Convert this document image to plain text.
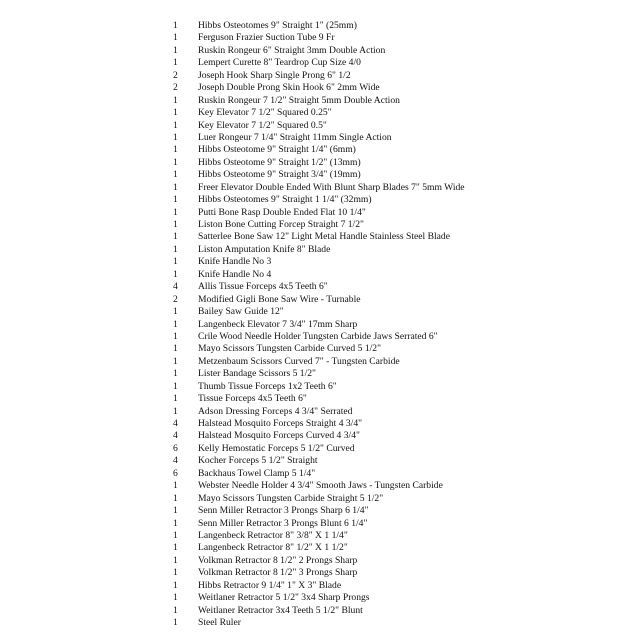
1	Hibbs Osteotomes 9" Straight 1" (25mm)
1	Ferguson Frazier Suction Tube 9 Fr
1	Ruskin Rongeur 6" Straight 3mm Double Action
1	Lempert Curette 8" Teardrop Cup Size 4/0
2	Joseph Hook Sharp Single Prong 6" 1/2
2	Joseph Double Prong Skin Hook 6" 2mm Wide
1	Ruskin Rongeur 7 1/2" Straight 5mm Double Action
1	Key Elevator 7 1/2" Squared 0.25"
1	Key Elevator 7 1/2" Squared 0.5"
1	Luer Rongeur 7 1/4" Straight 11mm Single Action
1	Hibbs Osteotome 9" Straight 1/4" (6mm)
1	Hibbs Osteotome 9" Straight 1/2" (13mm)
1	Hibbs Osteotome 9" Straight 3/4" (19mm)
1	Freer Elevator Double Ended With Blunt Sharp Blades 7" 5mm Wide
1	Hibbs Osteotomes 9" Straight 1 1/4" (32mm)
1	Putti Bone Rasp Double Ended Flat 10 1/4"
1	Liston Bone Cutting Forcep Straight 7 1/2"
1	Satterlee Bone Saw 12" Light Metal Handle Stainless Steel Blade
1	Liston Amputation Knife 8" Blade
1	Knife Handle No 3
1	Knife Handle No 4
4	Allis Tissue Forceps 4x5 Teeth 6"
2	Modified Gigli Bone Saw Wire - Turnable
1	Bailey Saw Guide 12"
1	Langenbeck Elevator 7 3/4" 17mm Sharp
1	Crile Wood Needle Holder Tungsten Carbide Jaws Serrated 6"
1	Mayo Scissors Tungsten Carbide Curved 5 1/2"
1	Metzenbaum Scissors Curved 7" - Tungsten Carbide
1	Lister Bandage Scissors 5 1/2"
1	Thumb Tissue Forceps 1x2 Teeth 6"
1	Tissue Forceps 4x5 Teeth 6"
1	Adson Dressing Forceps 4 3/4" Serrated
4	Halstead Mosquito Forceps Straight 4 3/4"
4	Halstead Mosquito Forceps Curved 4 3/4"
6	Kelly Hemostatic Forceps 5 1/2" Curved
4	Kocher Forceps 5 1/2" Straight
6	Backhaus Towel Clamp 5 1/4"
1	Webster Needle Holder 4 3/4" Smooth Jaws - Tungsten Carbide
1	Mayo Scissors Tungsten Carbide Straight 5 1/2"
1	Senn Miller Retractor 3 Prongs Sharp 6 1/4"
1	Senn Miller Retractor 3 Prongs Blunt 6 1/4"
1	Langenbeck Retractor 8" 3/8" X 1 1/4"
1	Langenbeck Retractor 8" 1/2" X 1 1/2"
1	Volkman Retractor 8 1/2" 2 Prongs Sharp
1	Volkman Retractor 8 1/2" 3 Prongs Sharp
1	Hibbs Retractor 9 1/4" 1" X 3" Blade
1	Weitlaner Retractor 5 1/2" 3x4 Sharp Prongs
1	Weitlaner Retractor 3x4 Teeth 5 1/2" Blunt
1	Steel Ruler
